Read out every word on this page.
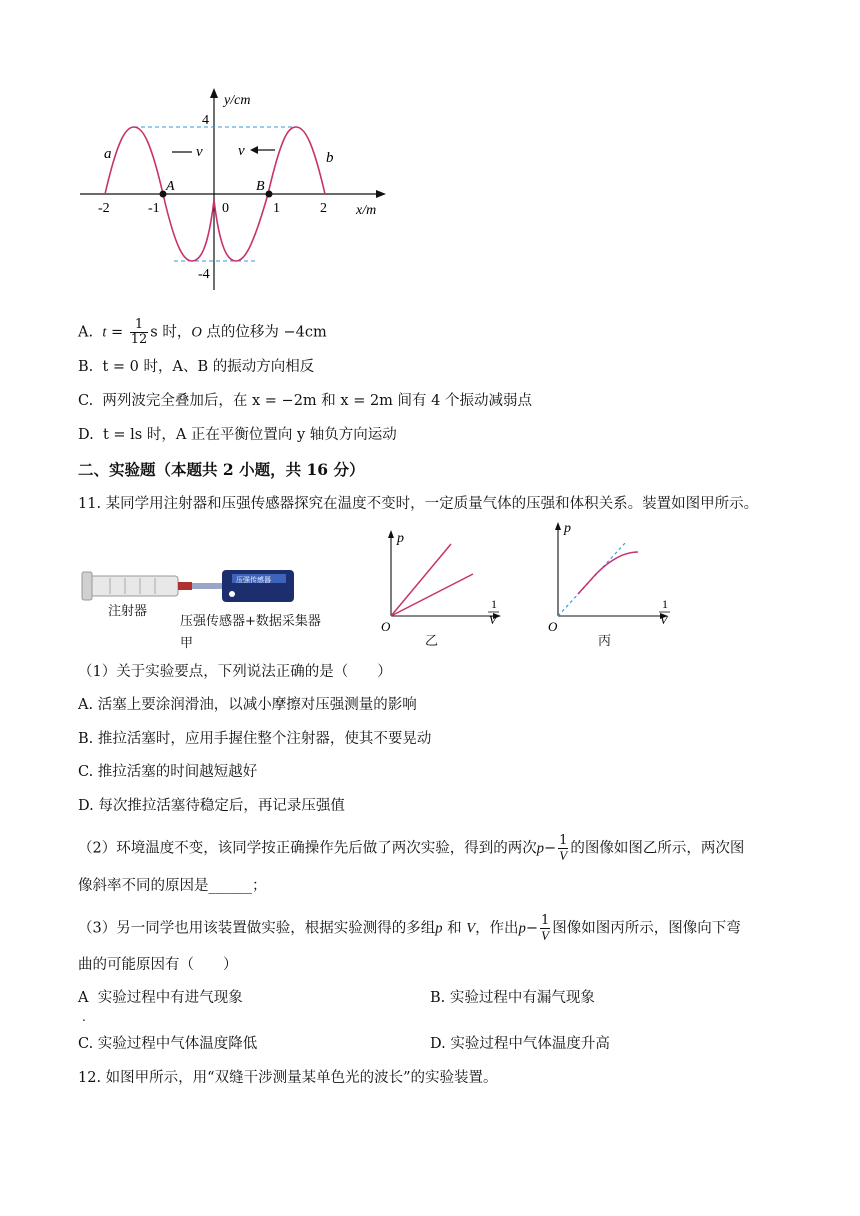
y/cm
x/m
4
-4
-2	-1	0	1	2
a	b
A	B
v v
A. $t = \frac{1}{12}$ s 时，O 点的位移为 −4cm
B. t = 0 时，A、B 的振动方向相反
C. 两列波完全叠加后，在 x = −2m 和 x = 2m 间有 4 个振动减弱点
D. t = ls 时，A 正在平衡位置向 y 轴负方向运动
二、实验题（本题共 2 小题，共 16 分）
11. 某同学用注射器和压强传感器探究在温度不变时，一定质量气体的压强和体积关系。装置如图甲所示。
压强传感器
注射器
压强传感器+数据采集器
甲
p
O
1
V
乙
p
O
1
V
丙
（1）关于实验要点，下列说法正确的是（　　）
A. 活塞上要涂润滑油，以减小摩擦对压强测量的影响
B. 推拉活塞时，应用手握住整个注射器，使其不要晃动
C. 推拉活塞的时间越短越好
D. 每次推拉活塞待稳定后，再记录压强值
（2）环境温度不变，该同学按正确操作先后做了两次实验，得到的两次$p- \frac{1}{V}$ 的图像如图乙所示，两次图
像斜率不同的原因是______；
（3）另一同学也用该装置做实验，根据实验测得的多组p 和 V，作出$p- \frac{1}{V}$ 图像如图丙所示，图像向下弯
曲的可能原因有（　　）
A 实验过程中有进气现象
.
B. 实验过程中有漏气现象
C. 实验过程中气体温度降低	D. 实验过程中气体温度升高
12. 如图甲所示，用“双缝干涉测量某单色光的波长”的实验装置。
